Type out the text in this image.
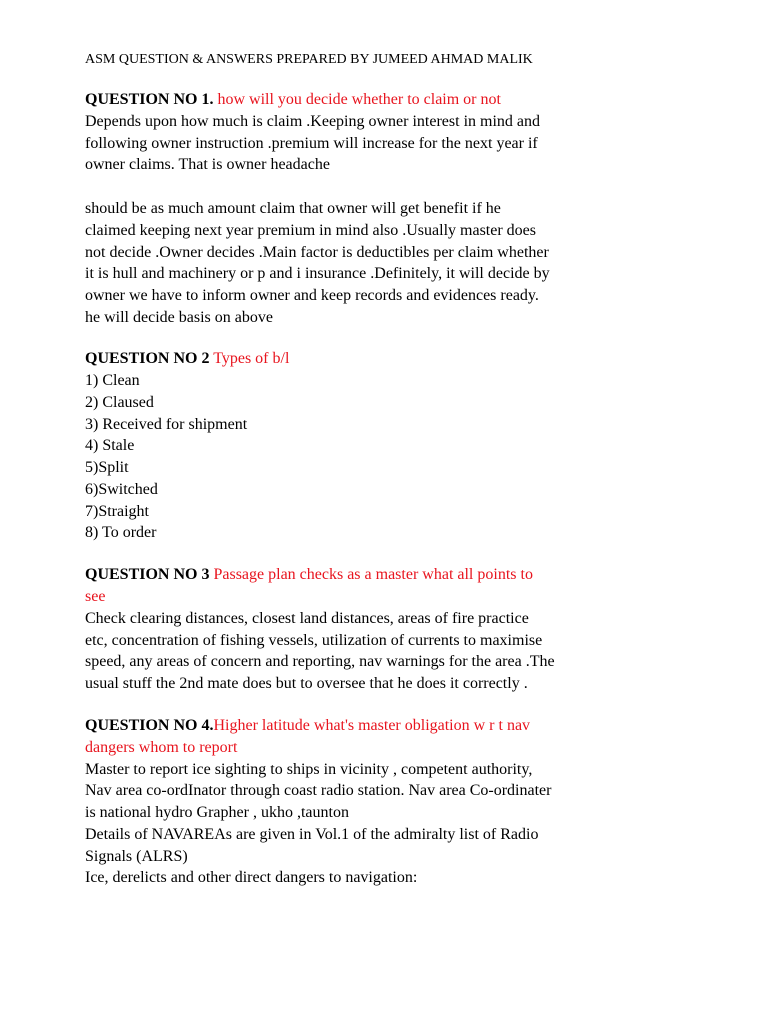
ASM QUESTION & ANSWERS PREPARED BY JUMEED AHMAD MALIK

QUESTION NO 1. how will you decide whether to claim or not

Depends upon how much is claim .Keeping owner interest in mind and following owner instruction .premium will increase for the next year if owner claims. That is owner headache

should be as much amount claim that owner will get benefit if he claimed keeping next year premium in mind also .Usually master does not decide .Owner decides .Main factor is deductibles per claim whether it is hull and machinery or p and i insurance .Definitely, it will decide by owner we have to inform owner and keep records and evidences ready. he will decide basis on above

QUESTION NO 2 Types of b/l

1) Clean
2) Claused
3) Received for shipment
4) Stale
5)Split
6)Switched
7)Straight
8) To order

QUESTION NO 3 Passage plan checks as a master what all points to see

Check clearing distances, closest land distances, areas of fire practice etc, concentration of fishing vessels, utilization of currents to maximise speed, any areas of concern and reporting, nav warnings for the area .The usual stuff the 2nd mate does but to oversee that he does it correctly .

QUESTION NO 4.Higher latitude what's master obligation w r t nav dangers whom to report

Master to report ice sighting to ships in vicinity , competent authority, Nav area co-ordInator through coast radio station. Nav area Co-ordinater is national hydro Grapher , ukho ,taunton

Details of NAVAREAs are given in Vol.1 of the admiralty list of Radio Signals (ALRS)

Ice, derelicts and other direct dangers to navigation:
